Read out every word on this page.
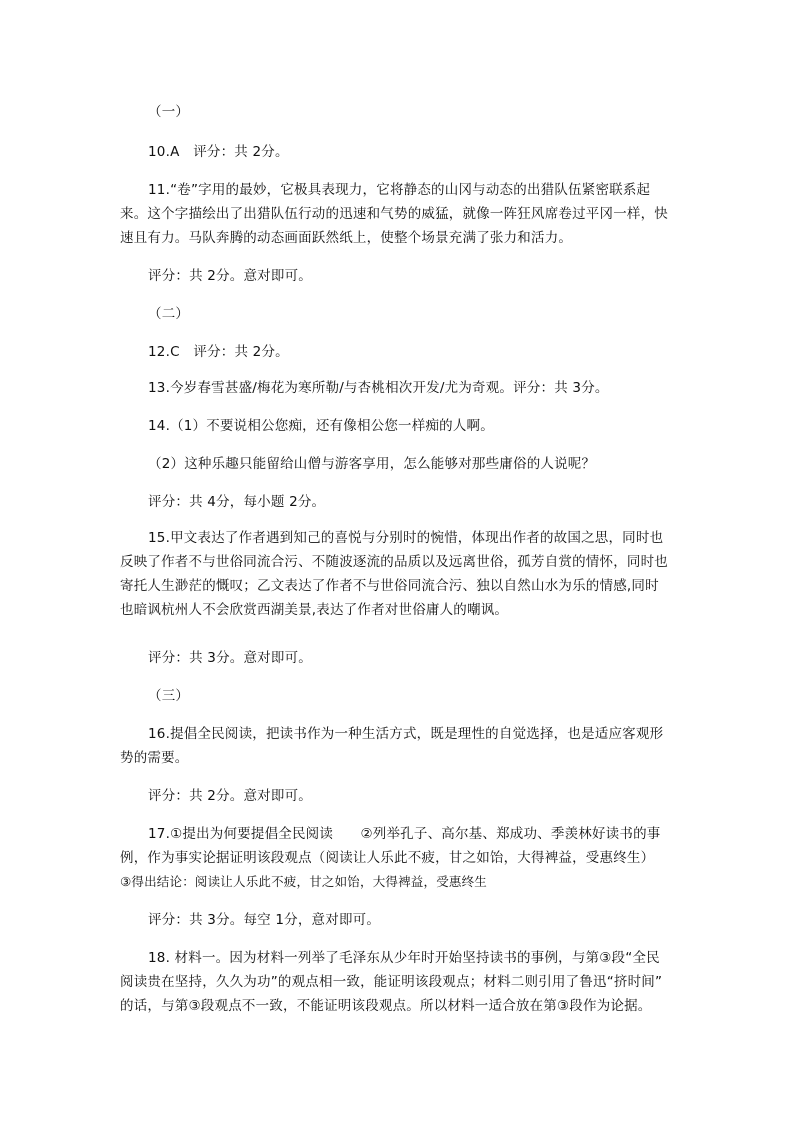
（一）

10.A　评分：共 2分。

11.“卷”字用的最妙，它极具表现力，它将静态的山冈与动态的出猎队伍紧密联系起
来。这个字描绘出了出猎队伍行动的迅速和气势的威猛，就像一阵狂风席卷过平冈一样，快
速且有力。马队奔腾的动态画面跃然纸上，使整个场景充满了张力和活力。

评分：共 2分。意对即可。

（二）

12.C　评分：共 2分。

13.今岁春雪甚盛/梅花为寒所勒/与杏桃相次开发/尤为奇观。评分：共 3分。

14.（1）不要说相公您痴，还有像相公您一样痴的人啊。

（2）这种乐趣只能留给山僧与游客享用，怎么能够对那些庸俗的人说呢？

评分：共 4分，每小题 2分。

15.甲文表达了作者遇到知己的喜悦与分别时的惋惜，体现出作者的故国之思，同时也
反映了作者不与世俗同流合污、不随波逐流的品质以及远离世俗，孤芳自赏的情怀，同时也
寄托人生渺茫的慨叹；乙文表达了作者不与世俗同流合污、独以自然山水为乐的情感,同时
也暗讽杭州人不会欣赏西湖美景,表达了作者对世俗庸人的嘲讽。

评分：共 3分。意对即可。

（三）

16.提倡全民阅读，把读书作为一种生活方式，既是理性的自觉选择，也是适应客观形
势的需要。

评分：共 2分。意对即可。

17.①提出为何要提倡全民阅读　　②列举孔子、高尔基、郑成功、季羡林好读书的事
例，作为事实论据证明该段观点（阅读让人乐此不疲，甘之如饴，大得裨益，受惠终生）
③得出结论：阅读让人乐此不疲，甘之如饴，大得裨益，受惠终生

评分：共 3分。每空 1分，意对即可。

18. 材料一。因为材料一列举了毛泽东从少年时开始坚持读书的事例，与第③段“全民
阅读贵在坚持，久久为功”的观点相一致，能证明该段观点；材料二则引用了鲁迅“挤时间”
的话，与第③段观点不一致，不能证明该段观点。所以材料一适合放在第③段作为论据。
